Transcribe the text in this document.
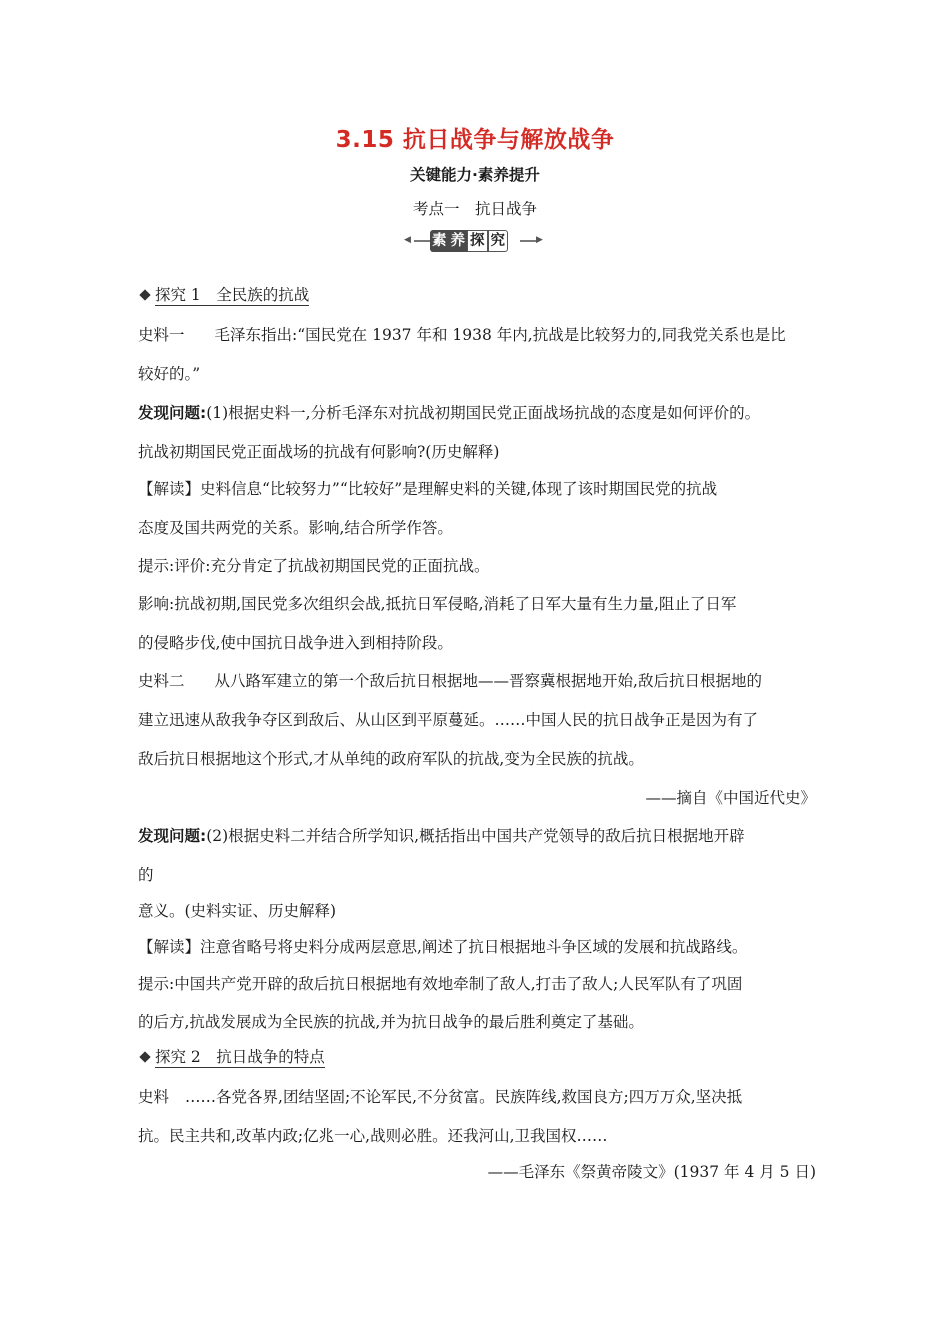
3.15 抗日战争与解放战争
关键能力·素养提升
考点一　抗日战争
◀ 素 养 探 究	▶
探究 1　全民族的抗战
史料一 毛泽东指出:“国民党在 1937 年和 1938 年内,抗战是比较努力的,同我党关系也是比
较好的。”
发现问题:(1)根据史料一,分析毛泽东对抗战初期国民党正面战场抗战的态度是如何评价的。
抗战初期国民党正面战场的抗战有何影响?(历史解释)
【解读】史料信息“比较努力”“比较好”是理解史料的关键,体现了该时期国民党的抗战
态度及国共两党的关系。影响,结合所学作答。
提示:评价:充分肯定了抗战初期国民党的正面抗战。
影响:抗战初期,国民党多次组织会战,抵抗日军侵略,消耗了日军大量有生力量,阻止了日军
的侵略步伐,使中国抗日战争进入到相持阶段。
史料二 从八路军建立的第一个敌后抗日根据地——晋察冀根据地开始,敌后抗日根据地的
建立迅速从敌我争夺区到敌后、从山区到平原蔓延。……中国人民的抗日战争正是因为有了
敌后抗日根据地这个形式,才从单纯的政府军队的抗战,变为全民族的抗战。
——摘自《中国近代史》
发现问题:(2)根据史料二并结合所学知识,概括指出中国共产党领导的敌后抗日根据地开辟
的
意义。(史料实证、历史解释)
【解读】注意省略号将史料分成两层意思,阐述了抗日根据地斗争区域的发展和抗战路线。
提示:中国共产党开辟的敌后抗日根据地有效地牵制了敌人,打击了敌人;人民军队有了巩固
的后方,抗战发展成为全民族的抗战,并为抗日战争的最后胜利奠定了基础。
探究 2　抗日战争的特点
史料 ……各党各界,团结坚固;不论军民,不分贫富。民族阵线,救国良方;四万万众,坚决抵
抗。民主共和,改革内政;亿兆一心,战则必胜。还我河山,卫我国权……
——毛泽东《祭黄帝陵文》(1937 年 4 月 5 日)
